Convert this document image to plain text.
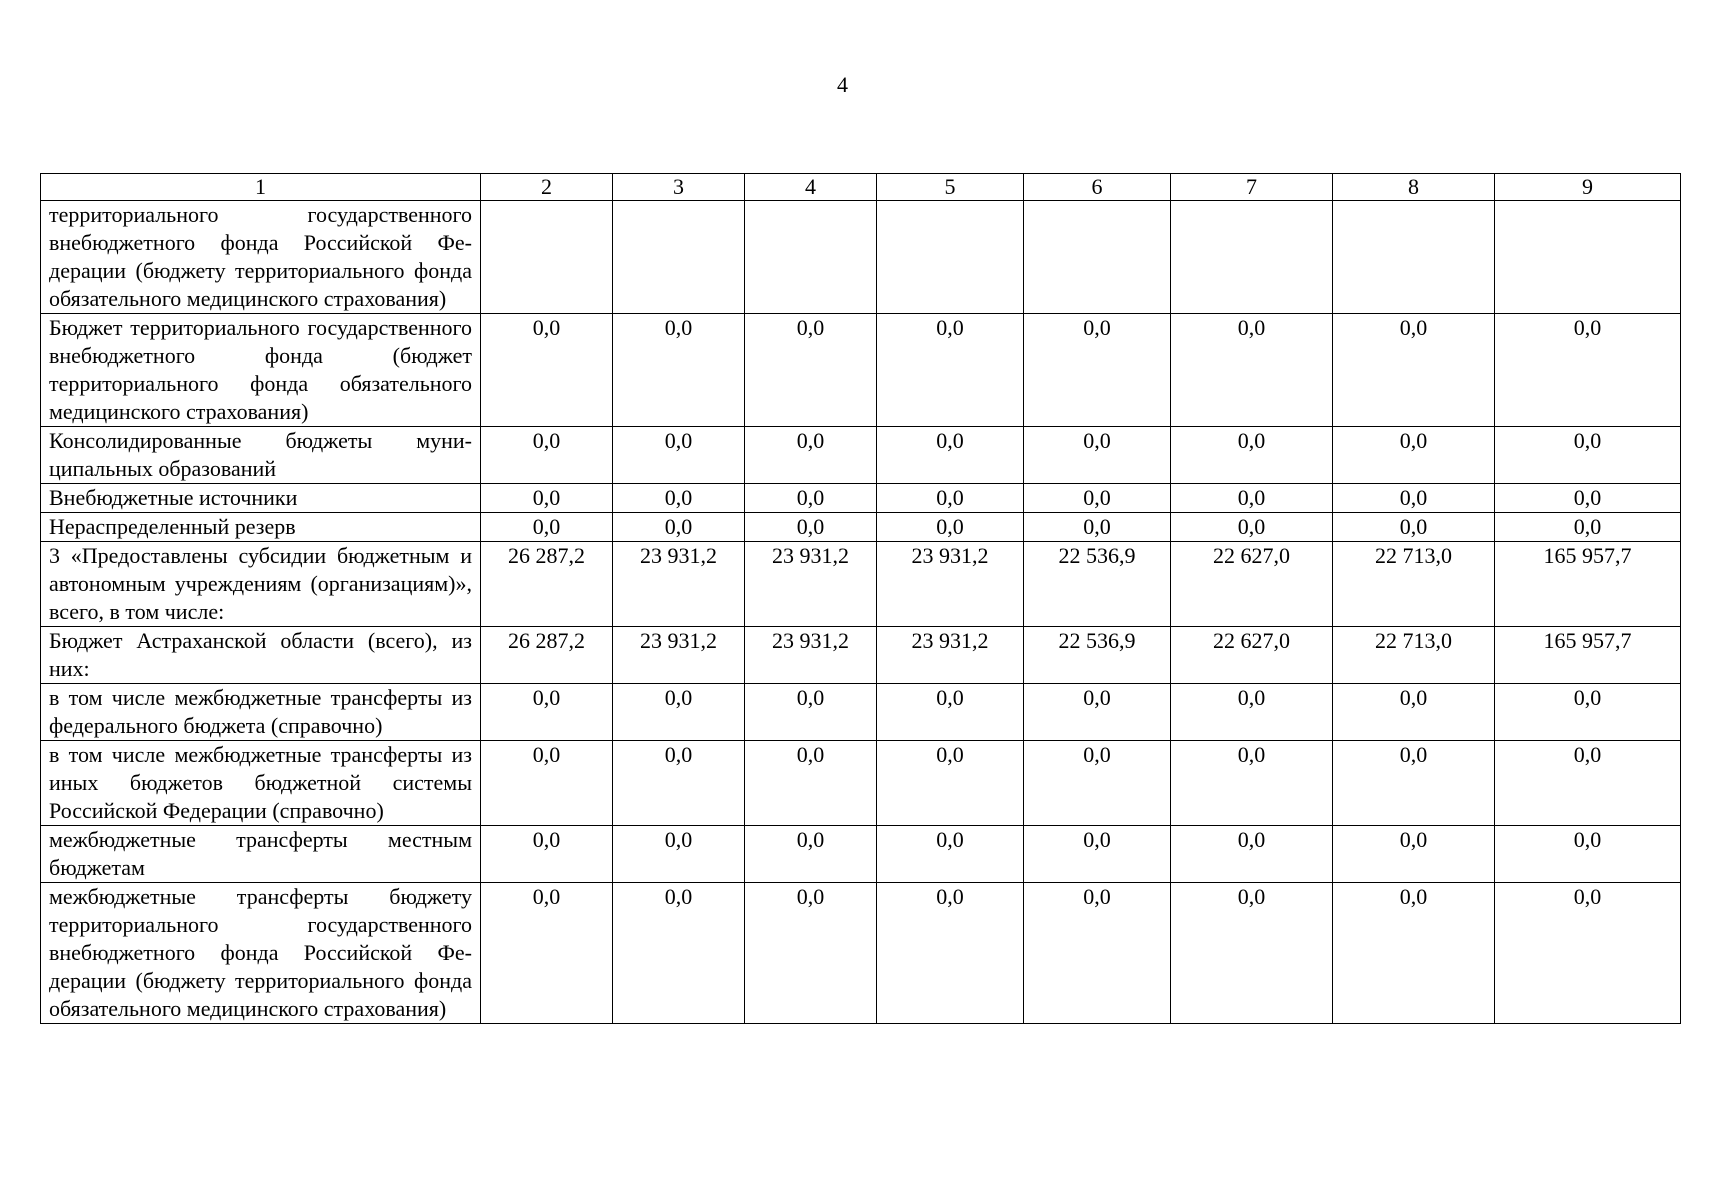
4
1	2	3	4	5	6	7	8	9
территориального государственного внебюджетного фонда Российской Федерации (бюджету территориального фонда обязательного медицинского страхования)								
Бюджет территориального государственного внебюджетного фонда (бюджет территориального фонда обязательного медицинского страхования)	0,0	0,0	0,0	0,0	0,0	0,0	0,0	0,0
Консолидированные бюджеты муниципальных образований	0,0	0,0	0,0	0,0	0,0	0,0	0,0	0,0
Внебюджетные источники	0,0	0,0	0,0	0,0	0,0	0,0	0,0	0,0
Нераспределенный резерв	0,0	0,0	0,0	0,0	0,0	0,0	0,0	0,0
3 «Предоставлены субсидии бюджетным и автономным учреждениям (организациям)», всего, в том числе:	26 287,2	23 931,2	23 931,2	23 931,2	22 536,9	22 627,0	22 713,0	165 957,7
Бюджет Астраханской области (всего), из них:	26 287,2	23 931,2	23 931,2	23 931,2	22 536,9	22 627,0	22 713,0	165 957,7
в том числе межбюджетные трансферты из федерального бюджета (справочно)	0,0	0,0	0,0	0,0	0,0	0,0	0,0	0,0
в том числе межбюджетные трансферты из иных бюджетов бюджетной системы Российской Федерации (справочно)	0,0	0,0	0,0	0,0	0,0	0,0	0,0	0,0
межбюджетные трансферты местным бюджетам	0,0	0,0	0,0	0,0	0,0	0,0	0,0	0,0
межбюджетные трансферты бюджету территориального государственного внебюджетного фонда Российской Федерации (бюджету территориального фонда обязательного медицинского страхования)	0,0	0,0	0,0	0,0	0,0	0,0	0,0	0,0
